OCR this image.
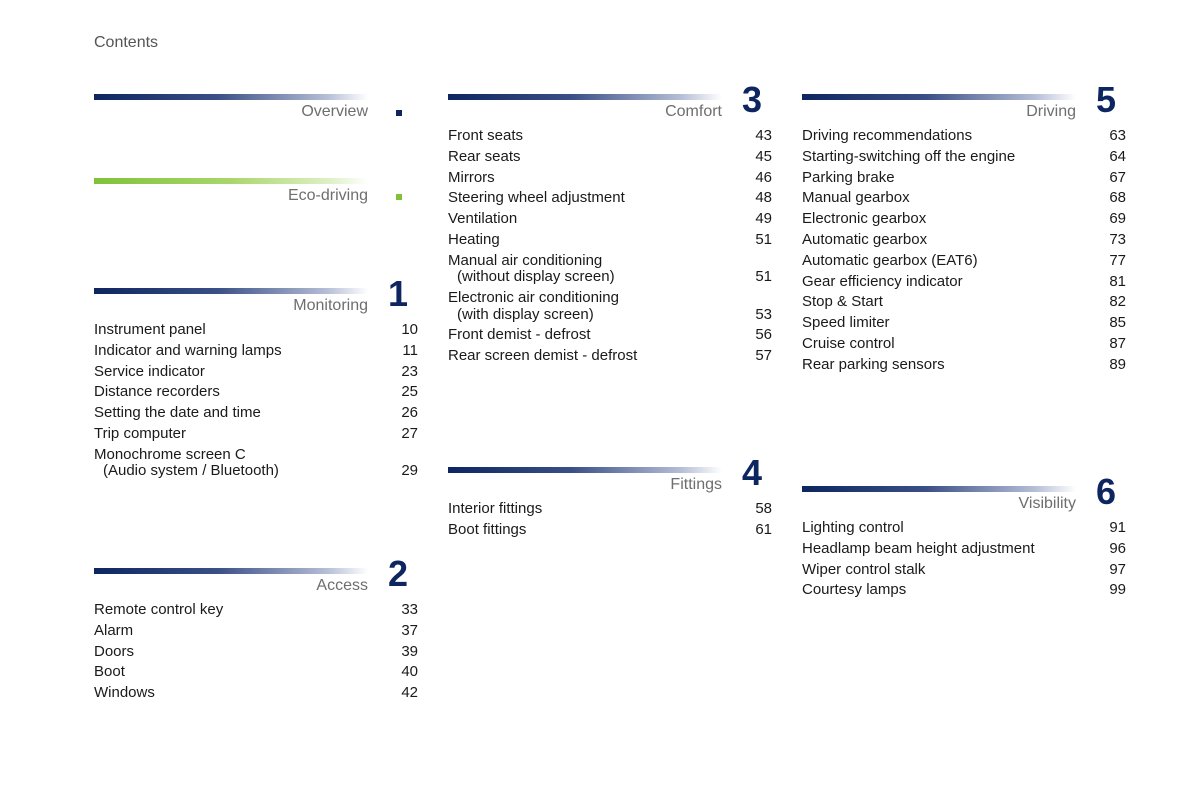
Contents
Overview
Eco-driving
Monitoring 1
Instrument panel	10
Indicator and warning lamps	11
Service indicator	23
Distance recorders	25
Setting the date and time	26
Trip computer	27
Monochrome screen C
(Audio system / Bluetooth)	29
Access 2
Remote control key	33
Alarm	37
Doors	39
Boot	40
Windows	42
Comfort 3
Front seats	43
Rear seats	45
Mirrors	46
Steering wheel adjustment	48
Ventilation	49
Heating	51
Manual air conditioning
(without display screen)	51
Electronic air conditioning
(with display screen)	53
Front demist - defrost	56
Rear screen demist - defrost	57
Fittings 4
Interior fittings	58
Boot fittings	61
Driving 5
Driving recommendations	63
Starting-switching off the engine	64
Parking brake	67
Manual gearbox	68
Electronic gearbox	69
Automatic gearbox	73
Automatic gearbox (EAT6)	77
Gear efficiency indicator	81
Stop & Start	82
Speed limiter	85
Cruise control	87
Rear parking sensors	89
Visibility 6
Lighting control	91
Headlamp beam height adjustment	96
Wiper control stalk	97
Courtesy lamps	99
